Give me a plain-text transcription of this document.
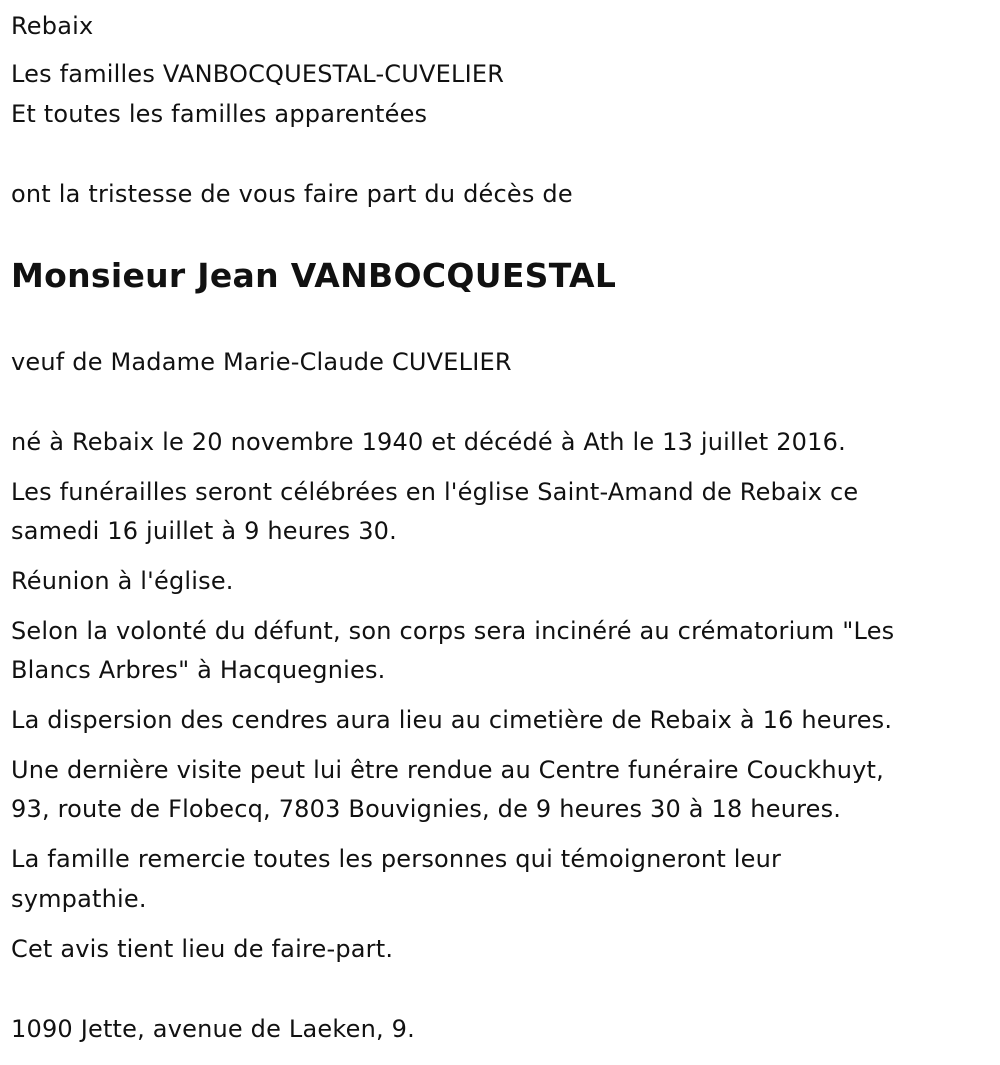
Rebaix

Les familles VANBOCQUESTAL-CUVELIER

Et toutes les familles apparentées

ont la tristesse de vous faire part du décès de

Monsieur Jean VANBOCQUESTAL

veuf de Madame Marie-Claude CUVELIER

né à Rebaix le 20 novembre 1940 et décédé à Ath le 13 juillet 2016.

Les funérailles seront célébrées en l'église Saint-Amand de Rebaix ce

samedi 16 juillet à 9 heures 30.

Réunion à l'église.

Selon la volonté du défunt, son corps sera incinéré au crématorium "Les

Blancs Arbres" à Hacquegnies.

La dispersion des cendres aura lieu au cimetière de Rebaix à 16 heures.

Une dernière visite peut lui être rendue au Centre funéraire Couckhuyt,

93, route de Flobecq, 7803 Bouvignies, de 9 heures 30 à 18 heures.

La famille remercie toutes les personnes qui témoigneront leur

sympathie.

Cet avis tient lieu de faire-part.

1090 Jette, avenue de Laeken, 9.
